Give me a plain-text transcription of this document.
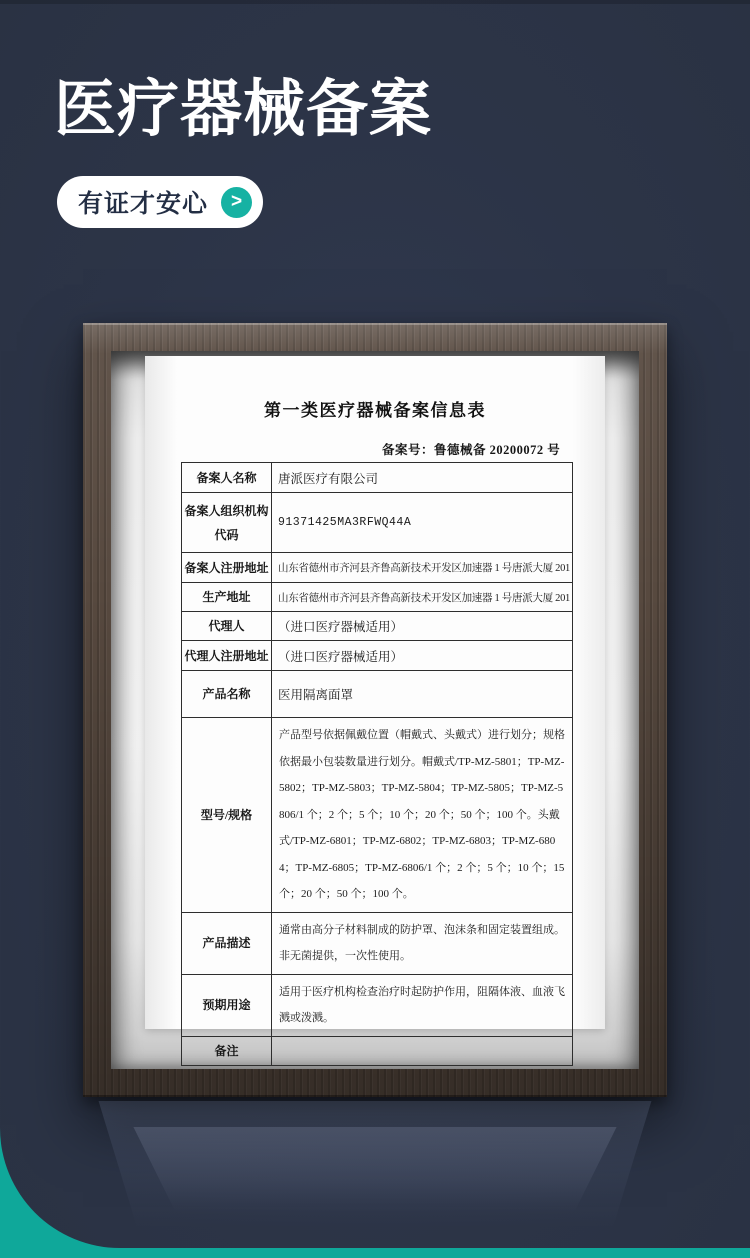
医疗器械备案
有证才安心	>
第一类医疗器械备案信息表
备案号：鲁德械备 20200072 号
备案人名称	唐派医疗有限公司
备案人组织机构代码	91371425MA3RFWQ44A
备案人注册地址	山东省德州市齐河县齐鲁高新技术开发区加速器 1 号唐派大厦 201
生产地址	山东省德州市齐河县齐鲁高新技术开发区加速器 1 号唐派大厦 201
代理人	（进口医疗器械适用）
代理人注册地址	（进口医疗器械适用）
产品名称	医用隔离面罩
型号/规格	产品型号依据佩戴位置（帽戴式、头戴式）进行划分；规格依据最小包装数量进行划分。帽戴式/TP-MZ-5801；TP-MZ-5802；TP-MZ-5803；TP-MZ-5804；TP-MZ-5805；TP-MZ-5806/1 个；2 个；5 个；10 个；20 个；50 个；100 个。头戴式/TP-MZ-6801；TP-MZ-6802；TP-MZ-6803；TP-MZ-6804；TP-MZ-6805；TP-MZ-6806/1 个；2 个；5 个；10 个；15 个；20 个；50 个；100 个。
产品描述	通常由高分子材料制成的防护罩、泡沫条和固定装置组成。非无菌提供，一次性使用。
预期用途	适用于医疗机构检查治疗时起防护作用，阻隔体液、血液飞溅或泼溅。
备注	
